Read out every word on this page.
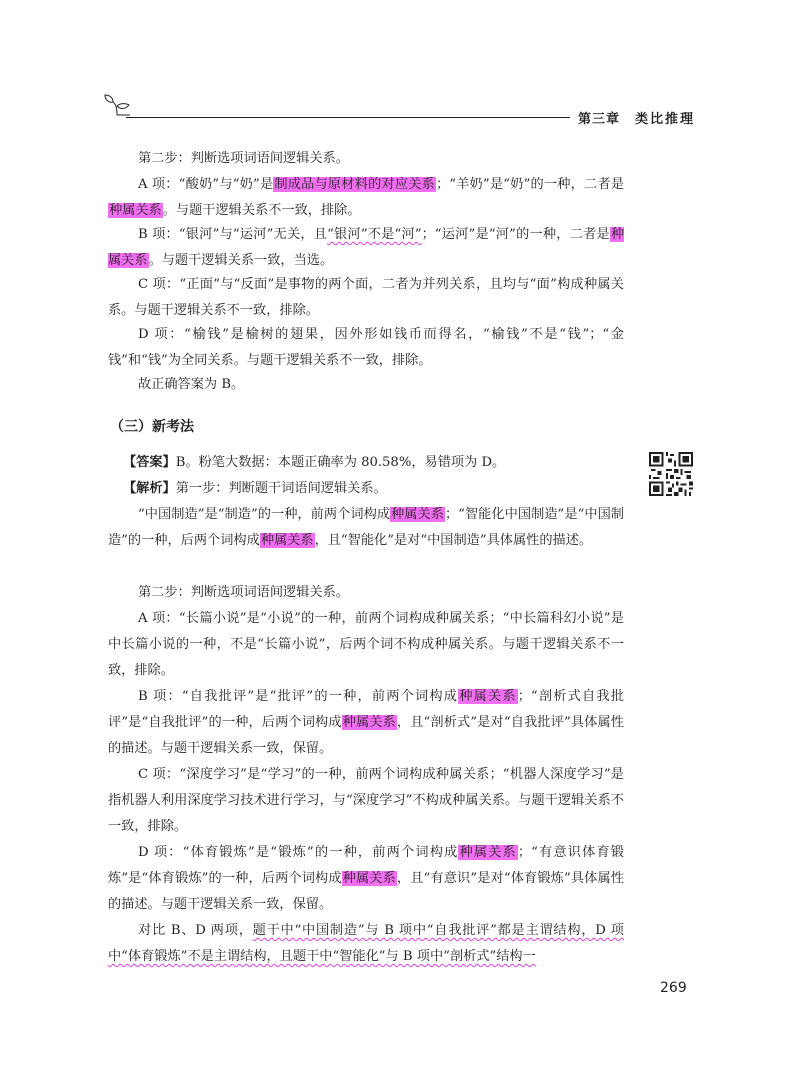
第三章 类比推理

第二步：判断选项词语间逻辑关系。

A 项：“酸奶”与“奶”是制成品与原材料的对应关系；“羊奶”是“奶”的一种，二者是种属关系。与题干逻辑关系不一致，排除。

B 项：“银河”与“运河”无关，且“银河”不是“河”；“运河”是“河”的一种，二者是种属关系。与题干逻辑关系一致，当选。

C 项：“正面”与“反面”是事物的两个面，二者为并列关系，且均与“面”构成种属关系。与题干逻辑关系不一致，排除。

D 项：“榆钱”是榆树的翅果，因外形如钱币而得名，“榆钱”不是“钱”；“金钱”和“钱”为全同关系。与题干逻辑关系不一致，排除。

故正确答案为 B。

（三）新考法

【答案】B。粉笔大数据：本题正确率为 80.58%，易错项为 D。

【解析】第一步：判断题干词语间逻辑关系。

“中国制造”是“制造”的一种，前两个词构成种属关系；“智能化中国制造”是“中国制造”的一种，后两个词构成种属关系，且“智能化”是对“中国制造”具体属性的描述。

第二步：判断选项词语间逻辑关系。

A 项：“长篇小说”是“小说”的一种，前两个词构成种属关系；“中长篇科幻小说”是中长篇小说的一种，不是“长篇小说”，后两个词不构成种属关系。与题干逻辑关系不一致，排除。

B 项：“自我批评”是“批评”的一种，前两个词构成种属关系；“剖析式自我批评”是“自我批评”的一种，后两个词构成种属关系，且“剖析式”是对“自我批评”具体属性的描述。与题干逻辑关系一致，保留。

C 项：“深度学习”是“学习”的一种，前两个词构成种属关系；“机器人深度学习”是指机器人利用深度学习技术进行学习，与“深度学习”不构成种属关系。与题干逻辑关系不一致，排除。

D 项：“体育锻炼”是“锻炼”的一种，前两个词构成种属关系；“有意识体育锻炼”是“体育锻炼”的一种，后两个词构成种属关系，且“有意识”是对“体育锻炼”具体属性的描述。与题干逻辑关系一致，保留。

对比 B、D 两项，题干中“中国制造”与 B 项中“自我批评”都是主谓结构，D 项中“体育锻炼”不是主谓结构，且题干中“智能化”与 B 项中“剖析式”结构一

269
